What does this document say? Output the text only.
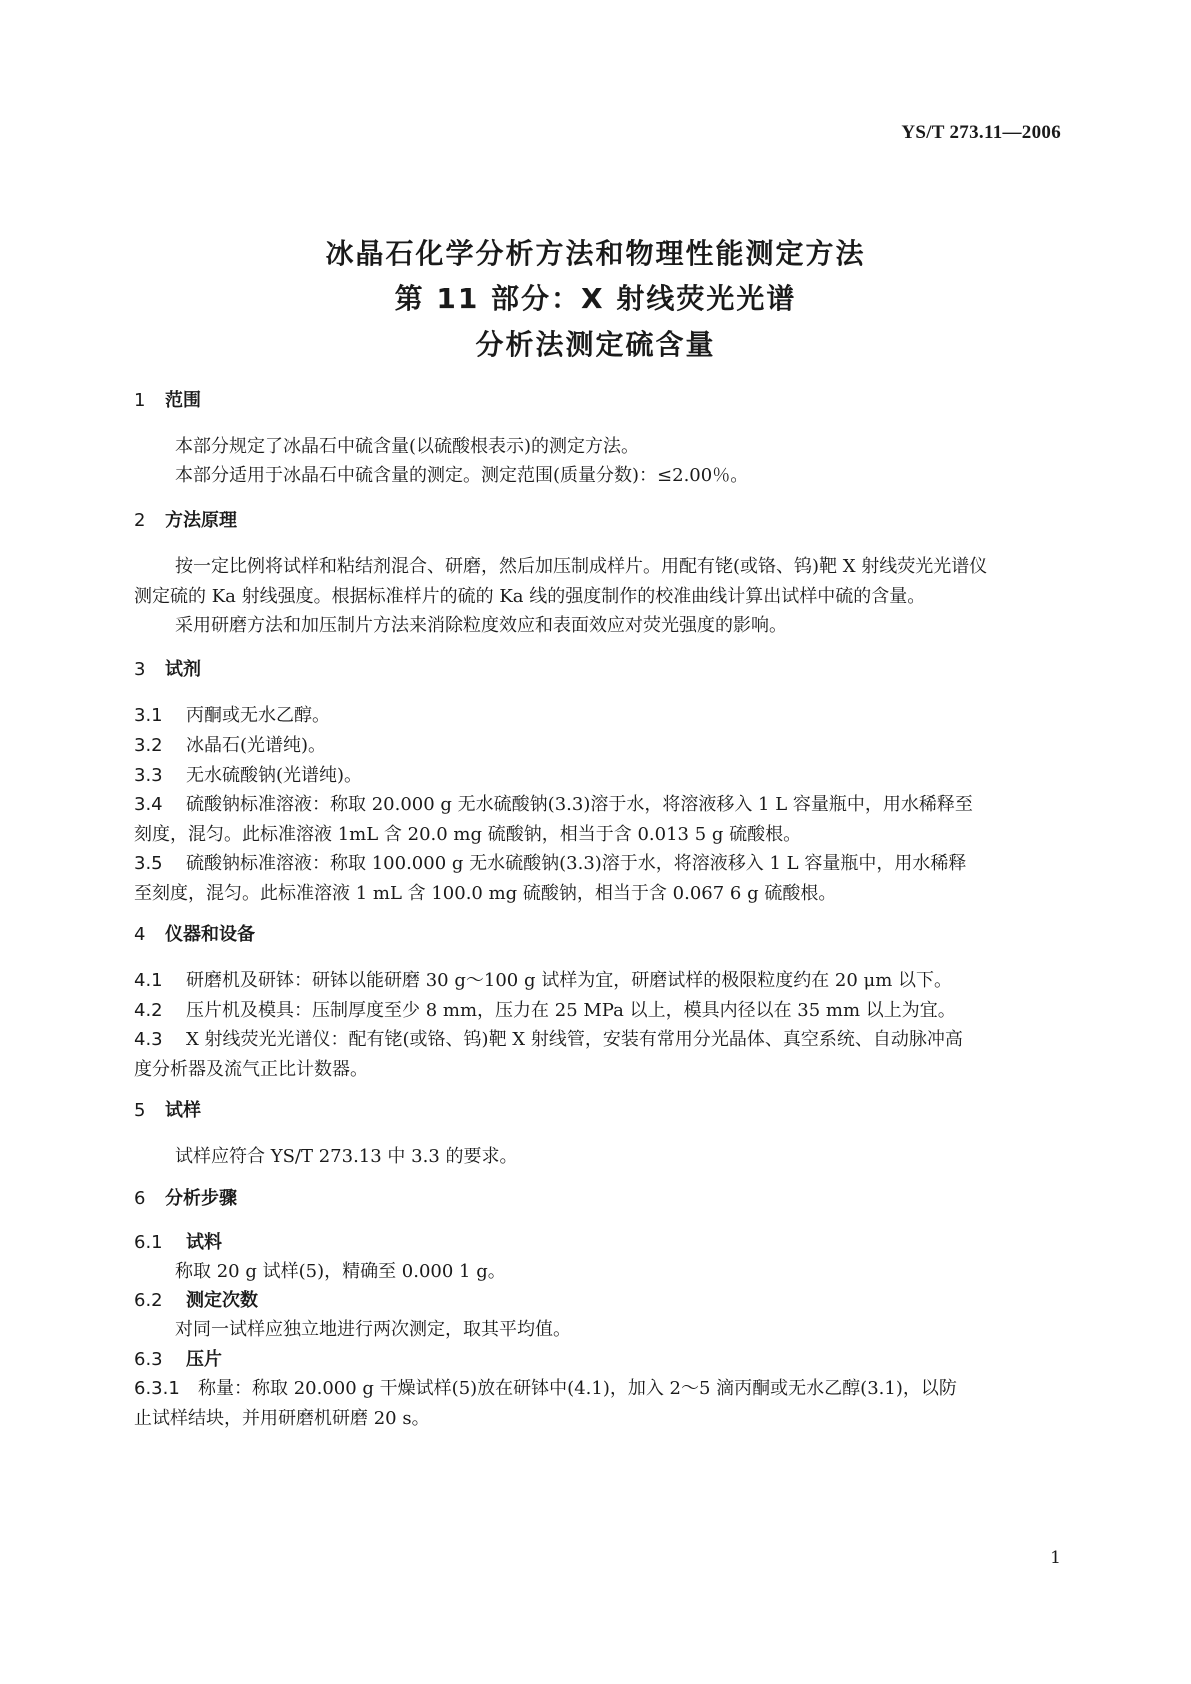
YS/T 273.11—2006
冰晶石化学分析方法和物理性能测定方法
第 11 部分：X 射线荧光光谱
分析法测定硫含量
1 范围
本部分规定了冰晶石中硫含量(以硫酸根表示)的测定方法。
本部分适用于冰晶石中硫含量的测定。测定范围(质量分数)：≤2.00％。
2 方法原理
按一定比例将试样和粘结剂混合、研磨，然后加压制成样片。用配有铑(或铬、钨)靶 X 射线荧光光谱仪
测定硫的 Ka 射线强度。根据标准样片的硫的 Ka 线的强度制作的校准曲线计算出试样中硫的含量。
采用研磨方法和加压制片方法来消除粒度效应和表面效应对荧光强度的影响。
3 试剂
3.1 丙酮或无水乙醇。
3.2 冰晶石(光谱纯)。
3.3 无水硫酸钠(光谱纯)。
3.4 硫酸钠标准溶液：称取 20.000 g 无水硫酸钠(3.3)溶于水，将溶液移入 1 L 容量瓶中，用水稀释至
刻度，混匀。此标准溶液 1mL 含 20.0 mg 硫酸钠，相当于含 0.013 5 g 硫酸根。
3.5 硫酸钠标准溶液：称取 100.000 g 无水硫酸钠(3.3)溶于水，将溶液移入 1 L 容量瓶中，用水稀释
至刻度，混匀。此标准溶液 1 mL 含 100.0 mg 硫酸钠，相当于含 0.067 6 g 硫酸根。
4 仪器和设备
4.1 研磨机及研钵：研钵以能研磨 30 g～100 g 试样为宜，研磨试样的极限粒度约在 20 μm 以下。
4.2 压片机及模具：压制厚度至少 8 mm，压力在 25 MPa 以上，模具内径以在 35 mm 以上为宜。
4.3 X 射线荧光光谱仪：配有铑(或铬、钨)靶 X 射线管，安装有常用分光晶体、真空系统、自动脉冲高
度分析器及流气正比计数器。
5 试样
试样应符合 YS/T 273.13 中 3.3 的要求。
6 分析步骤
6.1 试料
称取 20 g 试样(5)，精确至 0.000 1 g。
6.2 测定次数
对同一试样应独立地进行两次测定，取其平均值。
6.3 压片
6.3.1 称量：称取 20.000 g 干燥试样(5)放在研钵中(4.1)，加入 2～5 滴丙酮或无水乙醇(3.1)，以防
止试样结块，并用研磨机研磨 20 s。
1
